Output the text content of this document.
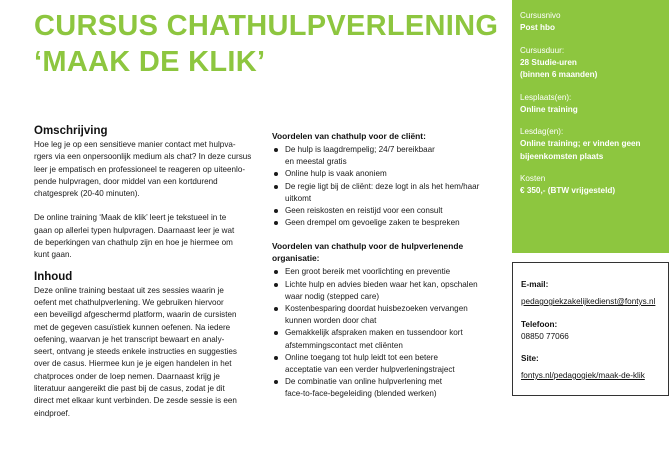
CURSUS CHATHULPVERLENING
‘MAAK DE KLIK’
Omschrijving
Hoe leg je op een sensitieve manier contact met hulpva-
rgers via een onpersoonlijk medium als chat? In deze cursus
leer je empatisch en professioneel te reageren op uiteenlo-
pende hulpvragen, door middel van een kortdurend
chatgesprek (20-40 minuten).
De online training ‘Maak de klik’ leert je tekstueel in te
gaan op allerlei typen hulpvragen. Daarnaast leer je wat
de beperkingen van chathulp zijn en hoe je hiermee om
kunt gaan.
Inhoud
Deze online training bestaat uit zes sessies waarin je
oefent met chathulpverlening. We gebruiken hiervoor
een beveiligd afgeschermd platform, waarin de cursisten
met de gegeven casuïstiek kunnen oefenen. Na iedere
oefening, waarvan je het transcript bewaart en analy-
seert, ontvang je steeds enkele instructies en suggesties
over de casus. Hiermee kun je je eigen handelen in het
chatproces onder de loep nemen. Daarnaast krijg je
literatuur aangereikt die past bij de casus, zodat je dit
direct met elkaar kunt verbinden. De zesde sessie is een
eindproef.
Voordelen van chathulp voor de cliënt:
De hulp is laagdrempelig; 24/7 bereikbaar
en meestal gratis
Online hulp is vaak anoniem
De regie ligt bij de cliënt: deze logt in als het hem/haar
uitkomt
Geen reiskosten en reistijd voor een consult
Geen drempel om gevoelige zaken te bespreken
Voordelen van chathulp voor de hulpverlenende
organisatie:
Een groot bereik met voorlichting en preventie
Lichte hulp en advies bieden waar het kan, opschalen
waar nodig (stepped care)
Kostenbesparing doordat huisbezoeken vervangen
kunnen worden door chat
Gemakkelijk afspraken maken en tussendoor kort
afstemmingscontact met cliënten
Online toegang tot hulp leidt tot een betere
acceptatie van een verder hulpverleningstraject
De combinatie van online hulpverlening met
face-to-face-begeleiding (blended werken)
Cursusnivo
Post hbo
Cursusduur:
28 Studie-uren
(binnen 6 maanden)
Lesplaats(en):
Online training
Lesdag(en):
Online training; er vinden geen
bijeenkomsten plaats
Kosten
€ 350,- (BTW vrijgesteld)
E-mail:
pedagogiekzakelijkedienst@fontys.nl
Telefoon:
08850 77066
Site:
fontys.nl/pedagogiek/maak-de-klik
